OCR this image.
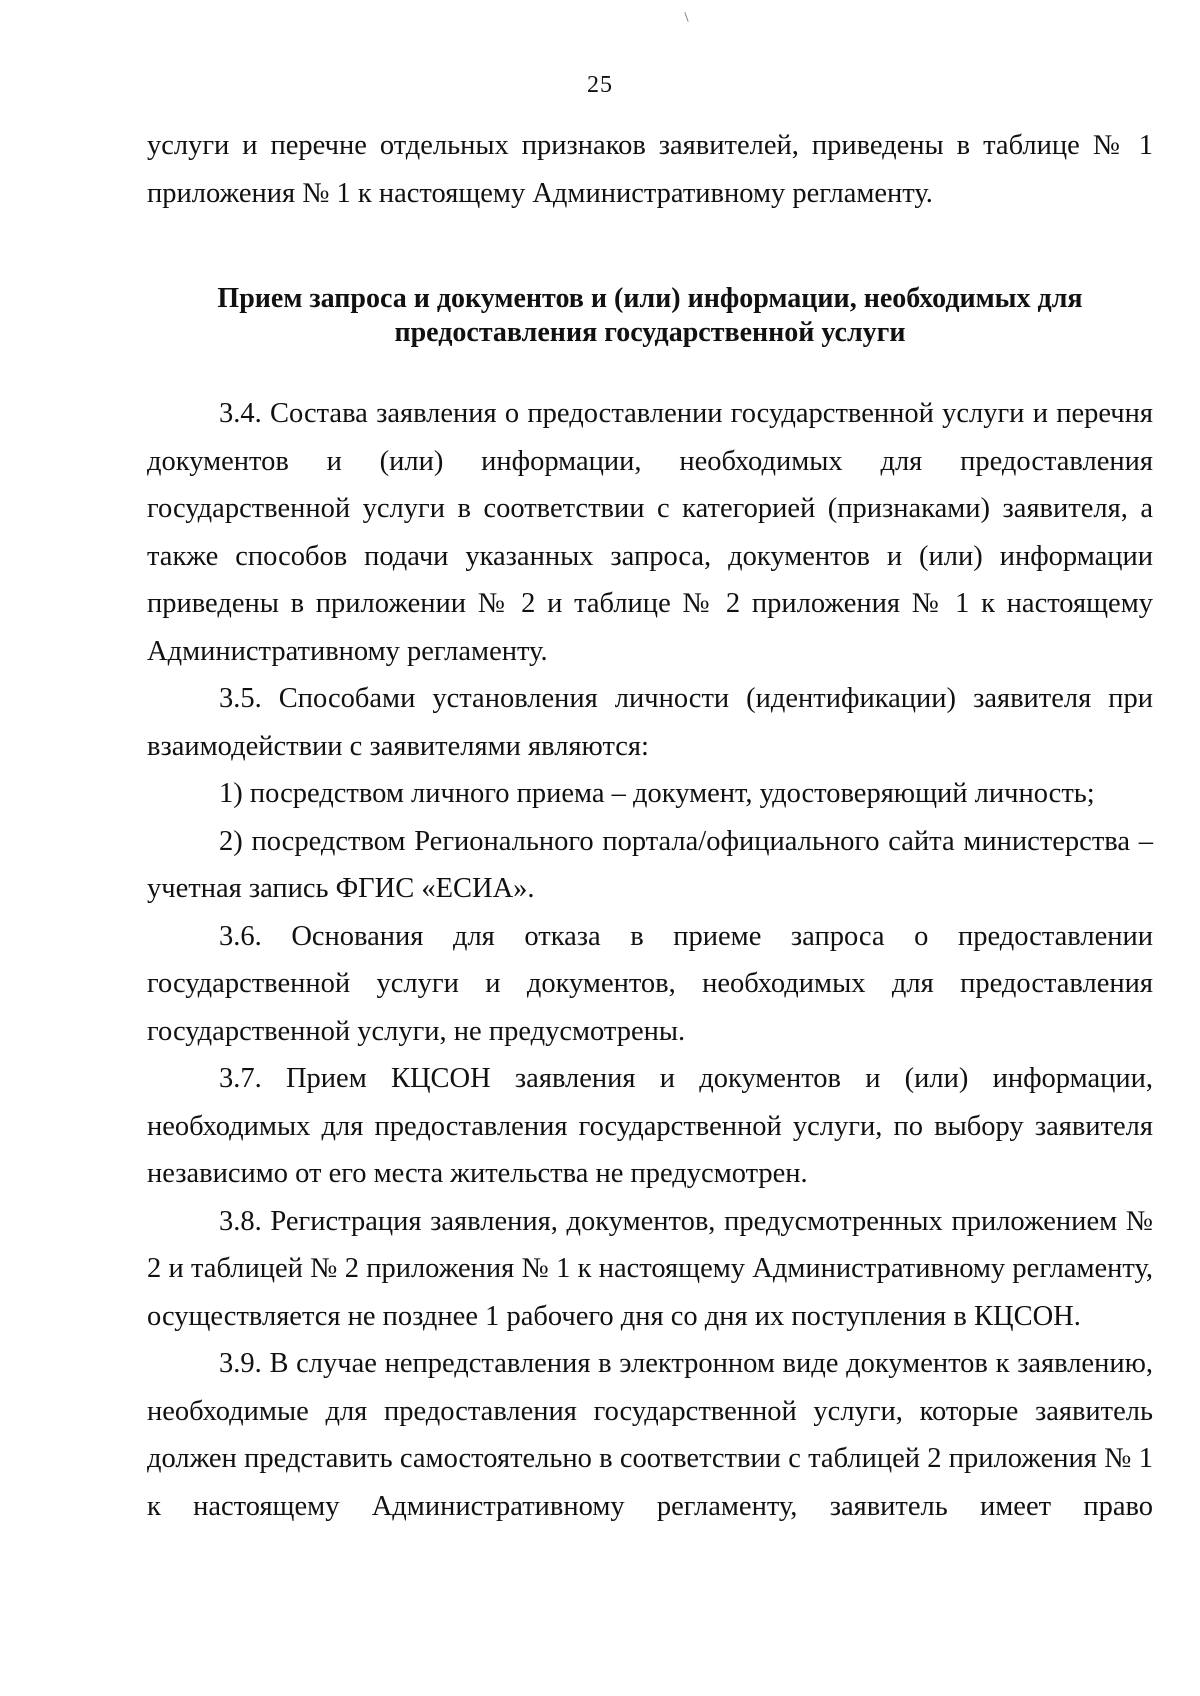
25

услуги и перечне отдельных признаков заявителей, приведены в таблице № 1 приложения № 1 к настоящему Административному регламенту.

Прием запроса и документов и (или) информации, необходимых для
предоставления государственной услуги

3.4. Состава заявления о предоставлении государственной услуги и перечня документов и (или) информации, необходимых для предоставления государственной услуги в соответствии с категорией (признаками) заявителя, а также способов подачи указанных запроса, документов и (или) информации приведены в приложении № 2 и таблице № 2 приложения № 1 к настоящему Административному регламенту.

3.5. Способами установления личности (идентификации) заявителя при взаимодействии с заявителями являются:

1) посредством личного приема – документ, удостоверяющий личность;

2) посредством Регионального портала/официального сайта министерства – учетная запись ФГИС «ЕСИА».

3.6. Основания для отказа в приеме запроса о предоставлении государственной услуги и документов, необходимых для предоставления государственной услуги, не предусмотрены.

3.7. Прием КЦСОН заявления и документов и (или) информации, необходимых для предоставления государственной услуги, по выбору заявителя независимо от его места жительства не предусмотрен.

3.8. Регистрация заявления, документов, предусмотренных приложением № 2 и таблицей № 2 приложения № 1 к настоящему Административному регламенту, осуществляется не позднее 1 рабочего дня со дня их поступления в КЦСОН.

3.9. В случае непредставления в электронном виде документов к заявлению, необходимые для предоставления государственной услуги, которые заявитель должен представить самостоятельно в соответствии с таблицей 2 приложения № 1 к настоящему Административному регламенту, заявитель имеет право
